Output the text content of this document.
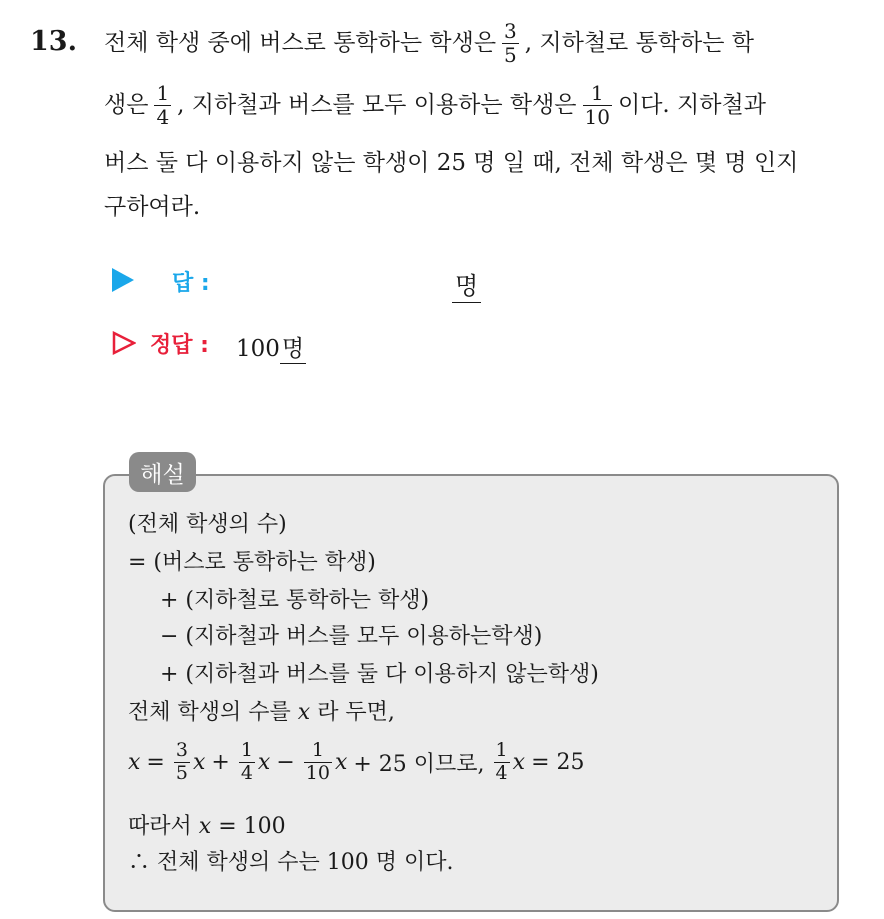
13. 전체 학생 중에 버스로 통학하는 학생은 $\frac{3}{5}$ , 지하철로 통학하는 학
생은 $\frac{1}{4}$ , 지하철과 버스를 모두 이용하는 학생은 $\frac{1}{10}$ 이다. 지하철과
버스 둘 다 이용하지 않는 학생이 25 명 일 때, 전체 학생은 몇 명 인지
구하여라.
답 :	명
정답 : 100명
해설
(전체 학생의 수)
= (버스로 통학하는 학생)
+ (지하철로 통학하는 학생)
− (지하철과 버스를 모두 이용하는학생)
+ (지하철과 버스를 둘 다 이용하지 않는학생)
전체 학생의 수를 x 라 두면,
$x = \frac{3}{5}$ $x + \frac{1}{4}$ $x - \frac{1}{10}$ x + 25 이므로, $\frac{1}{4}$ x = 25
따라서 x = 100
∴ 전체 학생의 수는 100 명 이다.
